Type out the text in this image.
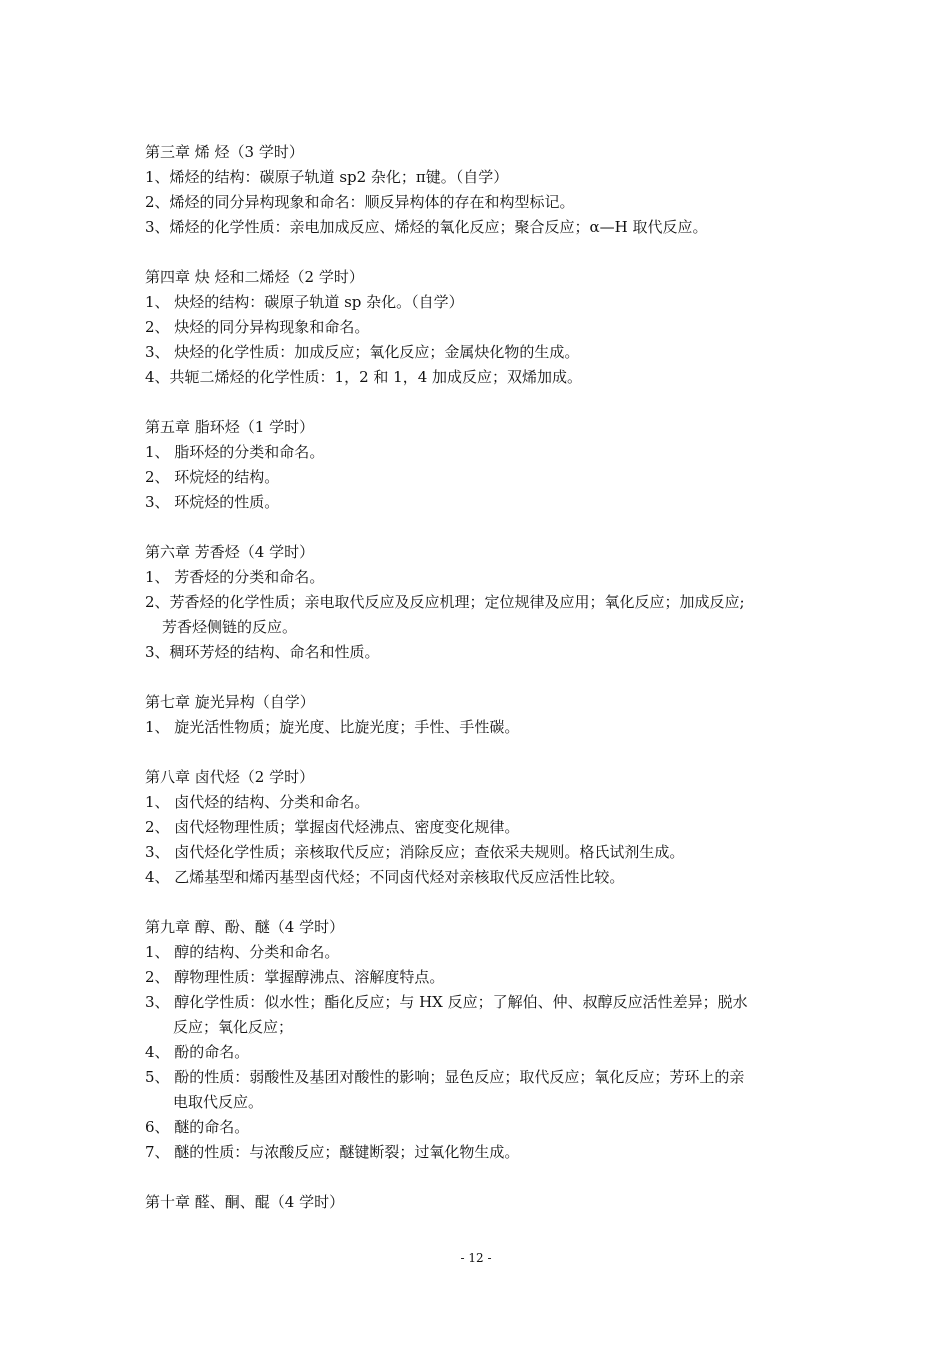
第三章 烯 烃（3 学时）
1、烯烃的结构：碳原子轨道 sp2 杂化；π键。（自学）
2、烯烃的同分异构现象和命名：顺反异构体的存在和构型标记。
3、烯烃的化学性质：亲电加成反应、烯烃的氧化反应；聚合反应；α—H 取代反应。
第四章 炔 烃和二烯烃（2 学时）
1、 炔烃的结构：碳原子轨道 sp 杂化。（自学）
2、 炔烃的同分异构现象和命名。
3、 炔烃的化学性质：加成反应；氧化反应；金属炔化物的生成。
4、共轭二烯烃的化学性质：1，2 和 1，4 加成反应；双烯加成。
第五章 脂环烃（1 学时）
1、 脂环烃的分类和命名。
2、 环烷烃的结构。
3、 环烷烃的性质。
第六章 芳香烃（4 学时）
1、 芳香烃的分类和命名。
2、芳香烃的化学性质；亲电取代反应及反应机理；定位规律及应用；氧化反应；加成反应;
芳香烃侧链的反应。
3、稠环芳烃的结构、命名和性质。
第七章 旋光异构（自学）
1、 旋光活性物质；旋光度、比旋光度；手性、手性碳。
第八章 卤代烃（2 学时）
1、 卤代烃的结构、分类和命名。
2、 卤代烃物理性质；掌握卤代烃沸点、密度变化规律。
3、 卤代烃化学性质；亲核取代反应；消除反应；查依采夫规则。格氏试剂生成。
4、 乙烯基型和烯丙基型卤代烃；不同卤代烃对亲核取代反应活性比较。
第九章 醇、酚、醚（4 学时）
1、 醇的结构、分类和命名。
2、 醇物理性质：掌握醇沸点、溶解度特点。
3、 醇化学性质：似水性；酯化反应；与 HX 反应；了解伯、仲、叔醇反应活性差异；脱水
反应；氧化反应；
4、 酚的命名。
5、 酚的性质：弱酸性及基团对酸性的影响；显色反应；取代反应；氧化反应；芳环上的亲
电取代反应。
6、 醚的命名。
7、 醚的性质：与浓酸反应；醚键断裂；过氧化物生成。
第十章 醛、酮、醌（4 学时）
- 12 -
